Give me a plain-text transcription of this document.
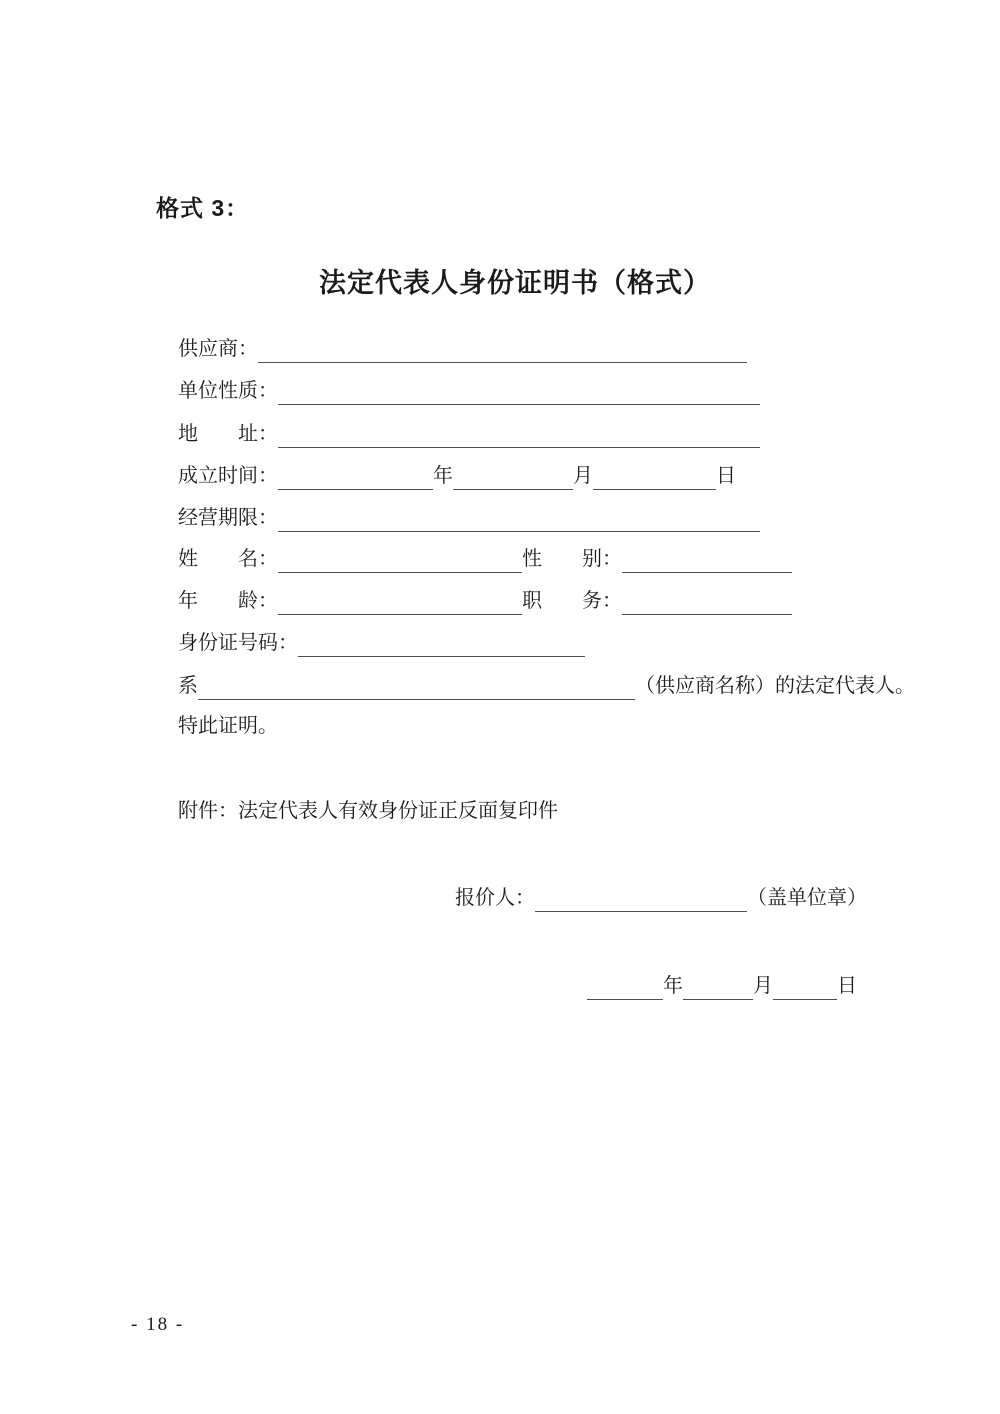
格式 3：
法定代表人身份证明书（格式）
供应商：
单位性质：
地　　址：
成立时间：	年	月	日
经营期限：
姓　　名：	性　　别：
年　　龄：	职　　务：
身份证号码：
系	（供应商名称）的法定代表人。
特此证明。
附件：法定代表人有效身份证正反面复印件
报价人：	（盖单位章）
年	月	日
- 18 -
